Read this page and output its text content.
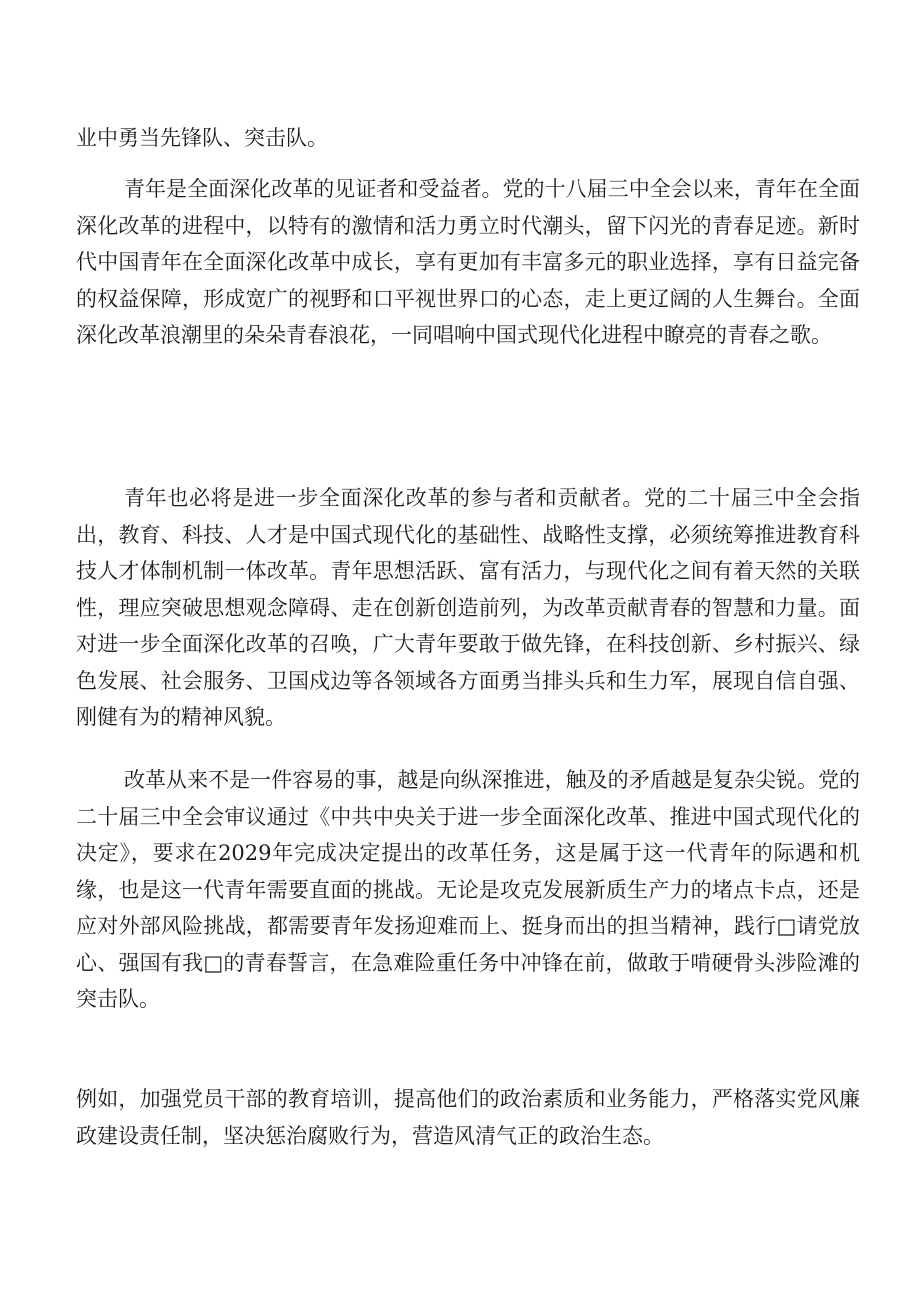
业中勇当先锋队、突击队。

青年是全面深化改革的见证者和受益者。党的十八届三中全会以来，青年在全面深化改革的进程中，以特有的激情和活力勇立时代潮头，留下闪光的青春足迹。新时代中国青年在全面深化改革中成长，享有更加有丰富多元的职业选择，享有日益完备的权益保障，形成宽广的视野和口平视世界口的心态，走上更辽阔的人生舞台。全面深化改革浪潮里的朵朵青春浪花，一同唱响中国式现代化进程中瞭亮的青春之歌。

青年也必将是进一步全面深化改革的参与者和贡献者。党的二十届三中全会指出，教育、科技、人才是中国式现代化的基础性、战略性支撑，必须统筹推进教育科技人才体制机制一体改革。青年思想活跃、富有活力，与现代化之间有着天然的关联性，理应突破思想观念障碍、走在创新创造前列，为改革贡献青春的智慧和力量。面对进一步全面深化改革的召唤，广大青年要敢于做先锋，在科技创新、乡村振兴、绿色发展、社会服务、卫国戍边等各领域各方面勇当排头兵和生力军，展现自信自强、刚健有为的精神风貌。

改革从来不是一件容易的事，越是向纵深推进，触及的矛盾越是复杂尖锐。党的二十届三中全会审议通过《中共中央关于进一步全面深化改革、推进中国式现代化的决定》，要求在2029年完成决定提出的改革任务，这是属于这一代青年的际遇和机缘，也是这一代青年需要直面的挑战。无论是攻克发展新质生产力的堵点卡点，还是应对外部风险挑战，都需要青年发扬迎难而上、挺身而出的担当精神，践行□请党放心、强国有我□的青春誓言，在急难险重任务中冲锋在前，做敢于啃硬骨头涉险滩的突击队。

例如，加强党员干部的教育培训，提高他们的政治素质和业务能力，严格落实党风廉政建设责任制，坚决惩治腐败行为，营造风清气正的政治生态。
